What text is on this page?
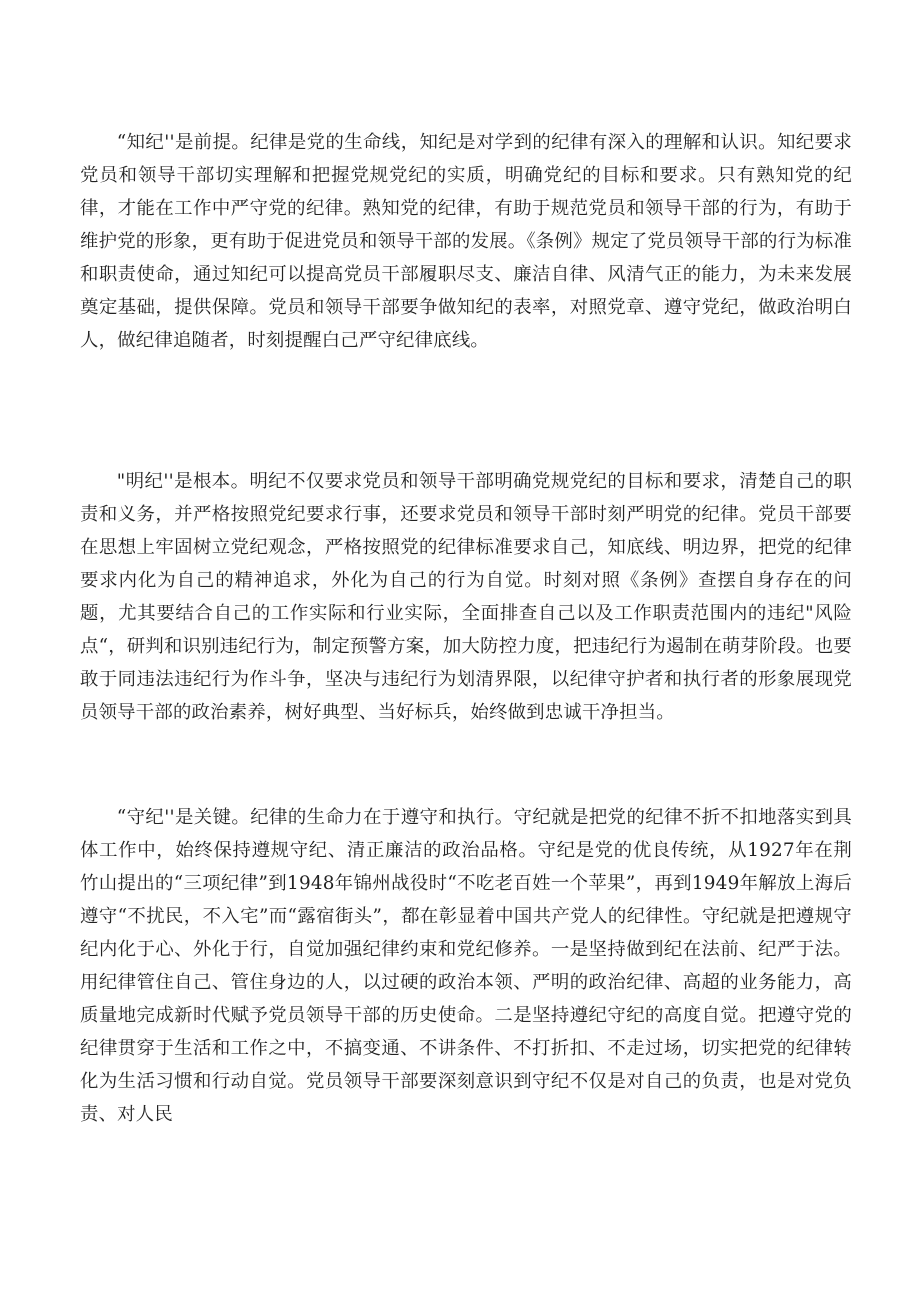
“知纪''是前提。纪律是党的生命线，知纪是对学到的纪律有深入的理解和认识。知纪要求党员和领导干部切实理解和把握党规党纪的实质，明确党纪的目标和要求。只有熟知党的纪律，才能在工作中严守党的纪律。熟知党的纪律，有助于规范党员和领导干部的行为，有助于维护党的形象，更有助于促进党员和领导干部的发展。《条例》规定了党员领导干部的行为标准和职责使命，通过知纪可以提高党员干部履职尽支、廉洁自律、风清气正的能力，为未来发展奠定基础，提供保障。党员和领导干部要争做知纪的表率，对照党章、遵守党纪，做政治明白人，做纪律追随者，时刻提醒白己严守纪律底线。

"明纪''是根本。明纪不仅要求党员和领导干部明确党规党纪的目标和要求，清楚自己的职责和义务，并严格按照党纪要求行事，还要求党员和领导干部时刻严明党的纪律。党员干部要在思想上牢固树立党纪观念，严格按照党的纪律标准要求自己，知底线、明边界，把党的纪律要求内化为自己的精神追求，外化为自己的行为自觉。时刻对照《条例》查摆自身存在的问题，尤其要结合自己的工作实际和行业实际，全面排查自己以及工作职责范围内的违纪"风险点“，研判和识别违纪行为，制定预警方案，加大防控力度，把违纪行为遏制在萌芽阶段。也要敢于同违法违纪行为作斗争，坚决与违纪行为划清界限，以纪律守护者和执行者的形象展现党员领导干部的政治素养，树好典型、当好标兵，始终做到忠诚干净担当。

“守纪''是关键。纪律的生命力在于遵守和执行。守纪就是把党的纪律不折不扣地落实到具体工作中，始终保持遵规守纪、清正廉洁的政治品格。守纪是党的优良传统，从1927年在荆竹山提出的“三项纪律”到1948年锦州战役时“不吃老百姓一个苹果”，再到1949年解放上海后遵守“不扰民，不入宅”而“露宿街头”，都在彰显着中国共产党人的纪律性。守纪就是把遵规守纪内化于心、外化于行，自觉加强纪律约束和党纪修养。一是坚持做到纪在法前、纪严于法。用纪律管住自己、管住身边的人，以过硬的政治本领、严明的政治纪律、高超的业务能力，高质量地完成新时代赋予党员领导干部的历史使命。二是坚持遵纪守纪的高度自觉。把遵守党的纪律贯穿于生活和工作之中，不搞变通、不讲条件、不打折扣、不走过场，切实把党的纪律转化为生活习惯和行动自觉。党员领导干部要深刻意识到守纪不仅是对自己的负责，也是对党负责、对人民
